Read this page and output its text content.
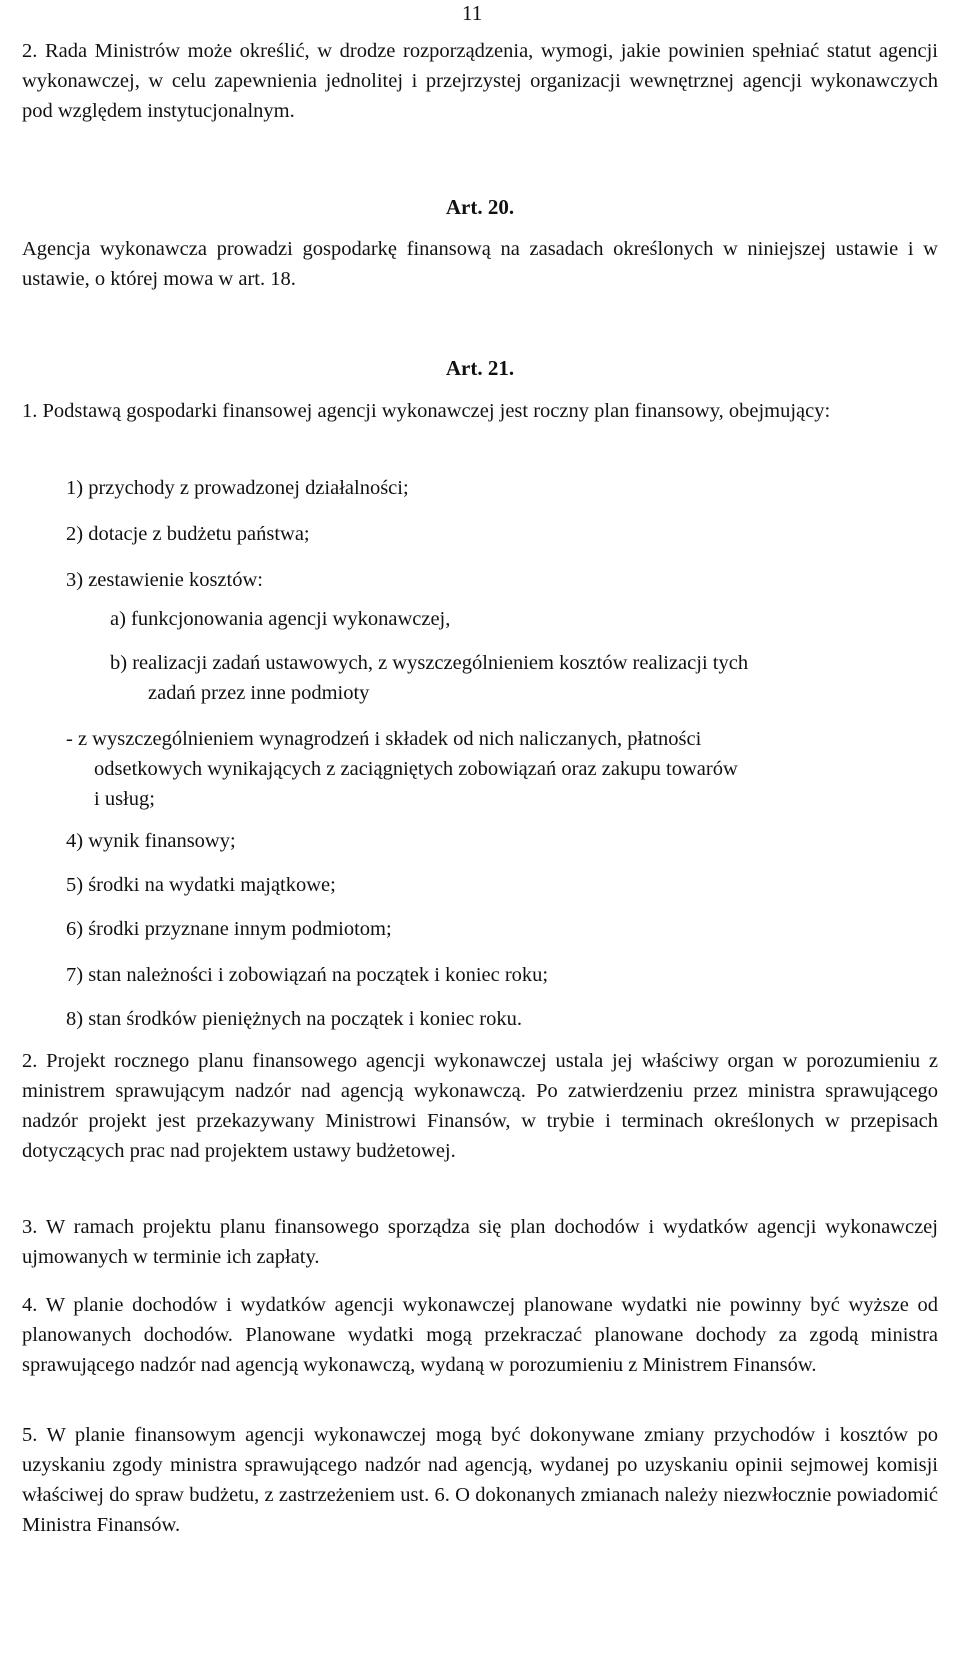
11
2. Rada Ministrów może określić, w drodze rozporządzenia, wymogi, jakie powinien spełniać statut agencji wykonawczej, w celu zapewnienia jednolitej i przejrzystej organizacji wewnętrznej agencji wykonawczych pod względem instytucjonalnym.
Art. 20.
Agencja wykonawcza prowadzi gospodarkę finansową na zasadach określonych w niniejszej ustawie i w ustawie, o której mowa w art. 18.
Art. 21.
1. Podstawą gospodarki finansowej agencji wykonawczej jest roczny plan finansowy, obejmujący:
1) przychody z prowadzonej działalności;
2) dotacje z budżetu państwa;
3) zestawienie kosztów:
a) funkcjonowania agencji wykonawczej,
b) realizacji zadań ustawowych, z wyszczególnieniem kosztów realizacji tych
zadań przez inne podmioty
- z wyszczególnieniem wynagrodzeń i składek od nich naliczanych, płatności
odsetkowych wynikających z zaciągniętych zobowiązań oraz zakupu towarów
i usług;
4) wynik finansowy;
5) środki na wydatki majątkowe;
6) środki przyznane innym podmiotom;
7) stan należności i zobowiązań na początek i koniec roku;
8) stan środków pieniężnych na początek i koniec roku.
2. Projekt rocznego planu finansowego agencji wykonawczej ustala jej właściwy organ w porozumieniu z ministrem sprawującym nadzór nad agencją wykonawczą. Po zatwierdzeniu przez ministra sprawującego nadzór projekt jest przekazywany Ministrowi Finansów, w trybie i terminach określonych w przepisach dotyczących prac nad projektem ustawy budżetowej.
3. W ramach projektu planu finansowego sporządza się plan dochodów i wydatków agencji wykonawczej ujmowanych w terminie ich zapłaty.
4. W planie dochodów i wydatków agencji wykonawczej planowane wydatki nie powinny być wyższe od planowanych dochodów. Planowane wydatki mogą przekraczać planowane dochody za zgodą ministra sprawującego nadzór nad agencją wykonawczą, wydaną w porozumieniu z Ministrem Finansów.
5. W planie finansowym agencji wykonawczej mogą być dokonywane zmiany przychodów i kosztów po uzyskaniu zgody ministra sprawującego nadzór nad agencją, wydanej po uzyskaniu opinii sejmowej komisji właściwej do spraw budżetu, z zastrzeżeniem ust. 6. O dokonanych zmianach należy niezwłocznie powiadomić Ministra Finansów.
